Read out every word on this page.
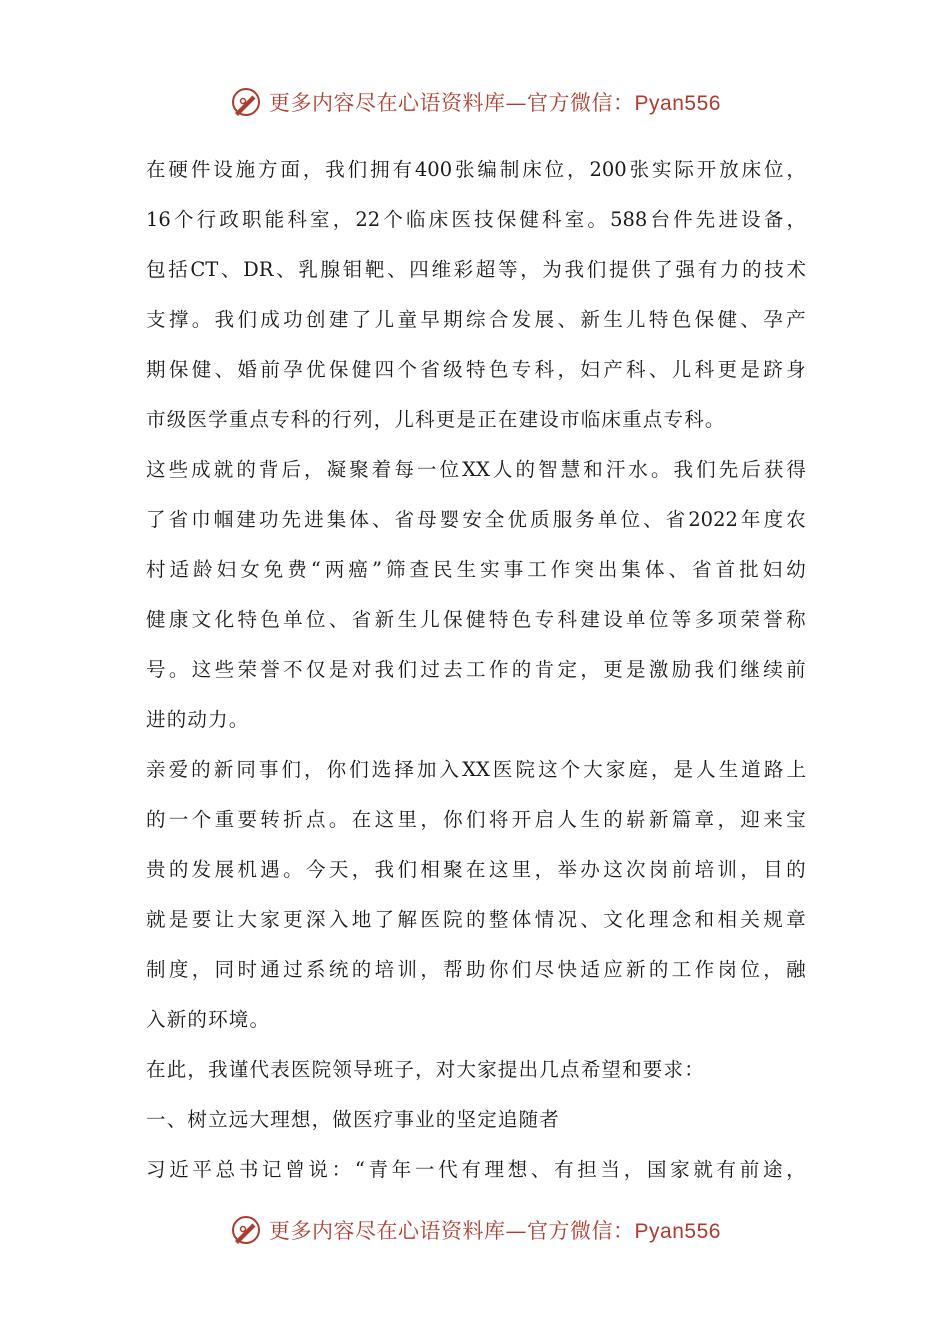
更多内容尽在心语资料库—官方微信：Pyan556
在 硬 件 设 施 方 面 ， 我 们 拥 有 400 张 编 制 床 位 ， 200 张 实 际 开 放 床 位 ，
16 个 行 政 职 能 科 室 ， 22 个 临 床 医 技 保 健 科 室 。 588 台 件 先 进 设 备 ，
包 括 CT 、 DR 、 乳 腺 钼 靶 、 四 维 彩 超 等 ， 为 我 们 提 供 了 强 有 力 的 技 术
支 撑 。 我 们 成 功 创 建 了 儿 童 早 期 综 合 发 展 、 新 生 儿 特 色 保 健 、 孕 产
期 保 健 、 婚 前 孕 优 保 健 四 个 省 级 特 色 专 科 ， 妇 产 科 、 儿 科 更 是 跻 身
市级医学重点专科的行列，儿科更是正在建设市临床重点专科。
这 些 成 就 的 背 后 ， 凝 聚 着 每 一 位 XX 人 的 智 慧 和 汗 水 。 我 们 先 后 获 得
了 省 巾 帼 建 功 先 进 集 体 、 省 母 婴 安 全 优 质 服 务 单 位 、 省 2022 年 度 农
村 适 龄 妇 女 免 费 “ 两 癌 ” 筛 查 民 生 实 事 工 作 突 出 集 体 、 省 首 批 妇 幼
健 康 文 化 特 色 单 位 、 省 新 生 儿 保 健 特 色 专 科 建 设 单 位 等 多 项 荣 誉 称
号 。 这 些 荣 誉 不 仅 是 对 我 们 过 去 工 作 的 肯 定 ， 更 是 激 励 我 们 继 续 前
进的动力。
亲 爱 的 新 同 事 们 ， 你 们 选 择 加 入 XX 医 院 这 个 大 家 庭 ， 是 人 生 道 路 上
的 一 个 重 要 转 折 点 。 在 这 里 ， 你 们 将 开 启 人 生 的 崭 新 篇 章 ， 迎 来 宝
贵 的 发 展 机 遇 。 今 天 ， 我 们 相 聚 在 这 里 ， 举 办 这 次 岗 前 培 训 ， 目 的
就 是 要 让 大 家 更 深 入 地 了 解 医 院 的 整 体 情 况 、 文 化 理 念 和 相 关 规 章
制 度 ， 同 时 通 过 系 统 的 培 训 ， 帮 助 你 们 尽 快 适 应 新 的 工 作 岗 位 ， 融
入新的环境。
在此，我谨代表医院领导班子，对大家提出几点希望和要求：
一、树立远大理想，做医疗事业的坚定追随者
习 近 平 总 书 记 曾 说 ： “ 青 年 一 代 有 理 想 、 有 担 当 ， 国 家 就 有 前 途 ，
更多内容尽在心语资料库—官方微信：Pyan556
